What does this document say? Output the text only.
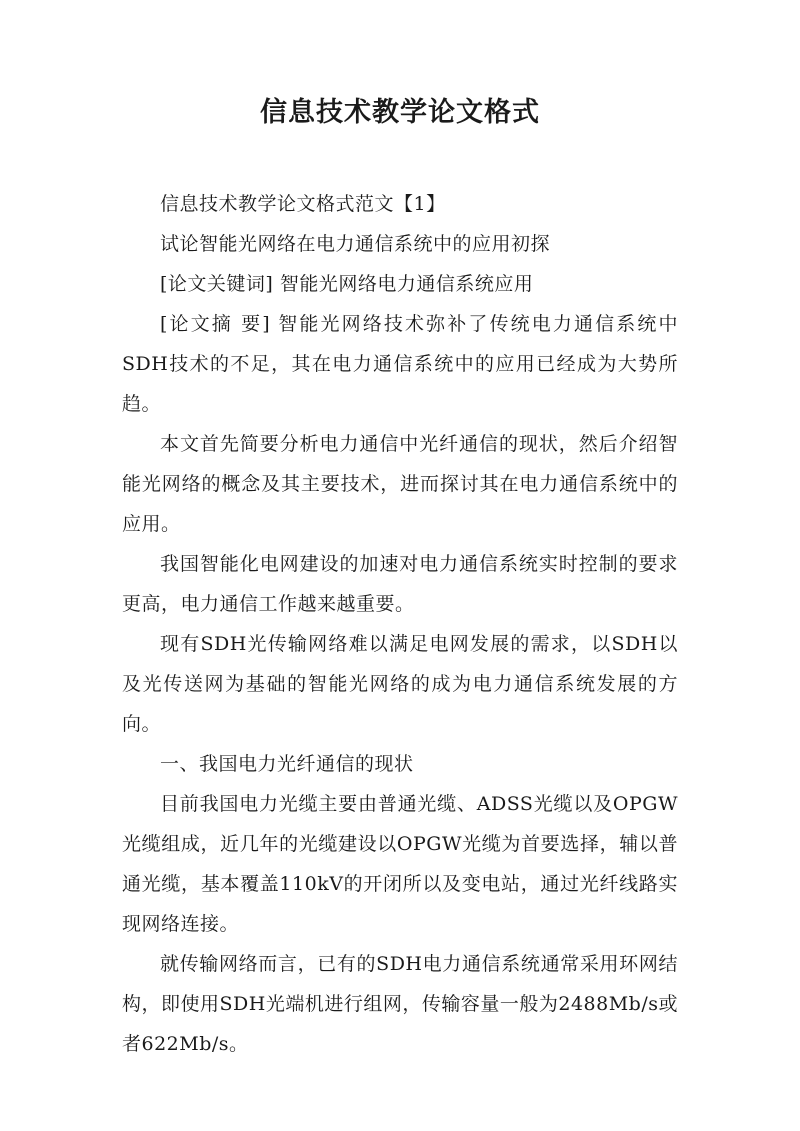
信息技术教学论文格式

信息技术教学论文格式范文【1】

试论智能光网络在电力通信系统中的应用初探

[论文关键词] 智能光网络电力通信系统应用

[论文摘 要] 智能光网络技术弥补了传统电力通信系统中SDH技术的不足，其在电力通信系统中的应用已经成为大势所趋。

本文首先简要分析电力通信中光纤通信的现状，然后介绍智能光网络的概念及其主要技术，进而探讨其在电力通信系统中的应用。

我国智能化电网建设的加速对电力通信系统实时控制的要求更高，电力通信工作越来越重要。

现有SDH光传输网络难以满足电网发展的需求，以SDH以及光传送网为基础的智能光网络的成为电力通信系统发展的方向。

一、我国电力光纤通信的现状

目前我国电力光缆主要由普通光缆、ADSS光缆以及OPGW光缆组成，近几年的光缆建设以OPGW光缆为首要选择，辅以普通光缆，基本覆盖110kV的开闭所以及变电站，通过光纤线路实现网络连接。

就传输网络而言，已有的SDH电力通信系统通常采用环网结构，即使用SDH光端机进行组网，传输容量一般为2488Mb/s或者622Mb/s。
